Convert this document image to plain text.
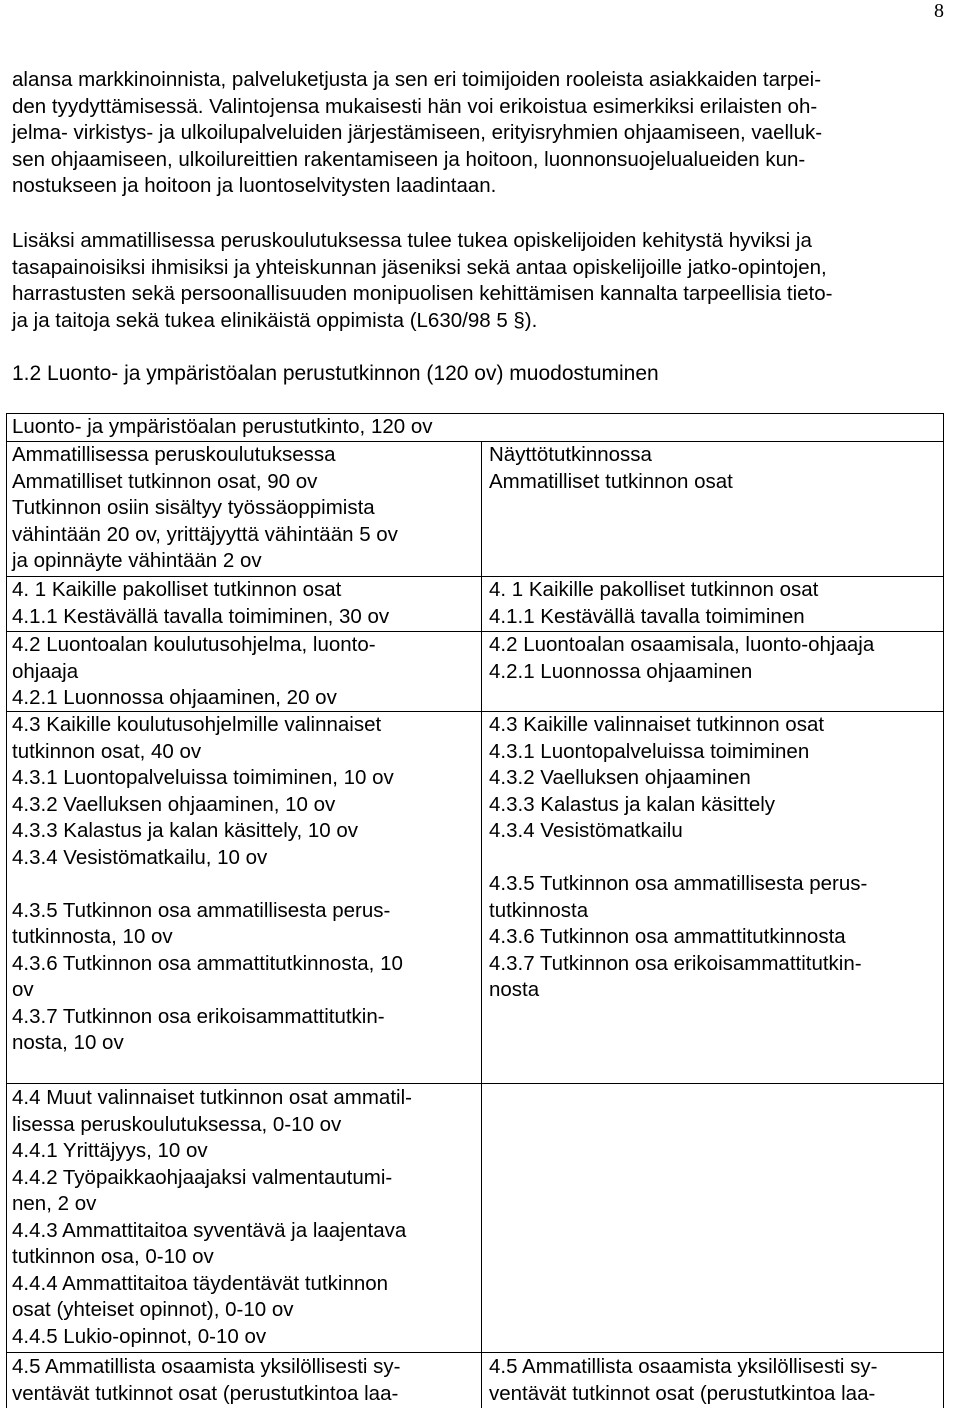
8

alansa markkinoinnista, palveluketjusta ja sen eri toimijoiden rooleista asiakkaiden tarpei-
den tyydyttämisessä. Valintojensa mukaisesti hän voi erikoistua esimerkiksi erilaisten oh-
jelma- virkistys- ja ulkoilupalveluiden järjestämiseen, erityisryhmien ohjaamiseen, vaelluk-
sen ohjaamiseen, ulkoilureittien rakentamiseen ja hoitoon, luonnonsuojelualueiden kun-
nostukseen ja hoitoon ja luontoselvitysten laadintaan.

Lisäksi ammatillisessa peruskoulutuksessa tulee tukea opiskelijoiden kehitystä hyviksi ja
tasapainoisiksi ihmisiksi ja yhteiskunnan jäseniksi sekä antaa opiskelijoille jatko-opintojen,
harrastusten sekä persoonallisuuden monipuolisen kehittämisen kannalta tarpeellisia tieto-
ja ja taitoja sekä tukea elinikäistä oppimista (L630/98 5 §).

1.2 Luonto- ja ympäristöalan perustutkinnon (120 ov) muodostuminen
Luonto- ja ympäristöalan perustutkinto, 120 ov
Ammatillisessa peruskoulutuksessa
Ammatilliset tutkinnon osat, 90 ov
Tutkinnon osiin sisältyy työssäoppimista
vähintään 20 ov, yrittäjyyttä vähintään 5 ov
ja opinnäyte vähintään 2 ov
Näyttötutkinnossa
Ammatilliset tutkinnon osat
4. 1 Kaikille pakolliset tutkinnon osat
4.1.1 Kestävällä tavalla toimiminen, 30 ov
4. 1 Kaikille pakolliset tutkinnon osat
4.1.1 Kestävällä tavalla toimiminen
4.2 Luontoalan koulutusohjelma, luonto-
ohjaaja
4.2.1 Luonnossa ohjaaminen, 20 ov
4.2 Luontoalan osaamisala, luonto-ohjaaja
4.2.1 Luonnossa ohjaaminen
4.3 Kaikille koulutusohjelmille valinnaiset
tutkinnon osat, 40 ov
4.3.1 Luontopalveluissa toimiminen, 10 ov
4.3.2 Vaelluksen ohjaaminen, 10 ov
4.3.3 Kalastus ja kalan käsittely, 10 ov
4.3.4 Vesistömatkailu, 10 ov

4.3.5 Tutkinnon osa ammatillisesta perus-
tutkinnosta, 10 ov
4.3.6 Tutkinnon osa ammattitutkinnosta, 10
ov
4.3.7 Tutkinnon osa erikoisammattitutkin-
nosta, 10 ov
4.3 Kaikille valinnaiset tutkinnon osat
4.3.1 Luontopalveluissa toimiminen
4.3.2 Vaelluksen ohjaaminen
4.3.3 Kalastus ja kalan käsittely
4.3.4 Vesistömatkailu

4.3.5 Tutkinnon osa ammatillisesta perus-
tutkinnosta
4.3.6 Tutkinnon osa ammattitutkinnosta
4.3.7 Tutkinnon osa erikoisammattitutkin-
nosta
4.4 Muut valinnaiset tutkinnon osat ammatil-
lisessa peruskoulutuksessa, 0-10 ov
4.4.1 Yrittäjyys, 10 ov
4.4.2 Työpaikkaohjaajaksi valmentautumi-
nen, 2 ov
4.4.3 Ammattitaitoa syventävä ja laajentava
tutkinnon osa, 0-10 ov
4.4.4 Ammattitaitoa täydentävät tutkinnon
osat (yhteiset opinnot), 0-10 ov
4.4.5 Lukio-opinnot, 0-10 ov
4.5 Ammatillista osaamista yksilöllisesti sy-
ventävät tutkinnot osat (perustutkintoa laa-
4.5 Ammatillista osaamista yksilöllisesti sy-
ventävät tutkinnot osat (perustutkintoa laa-
